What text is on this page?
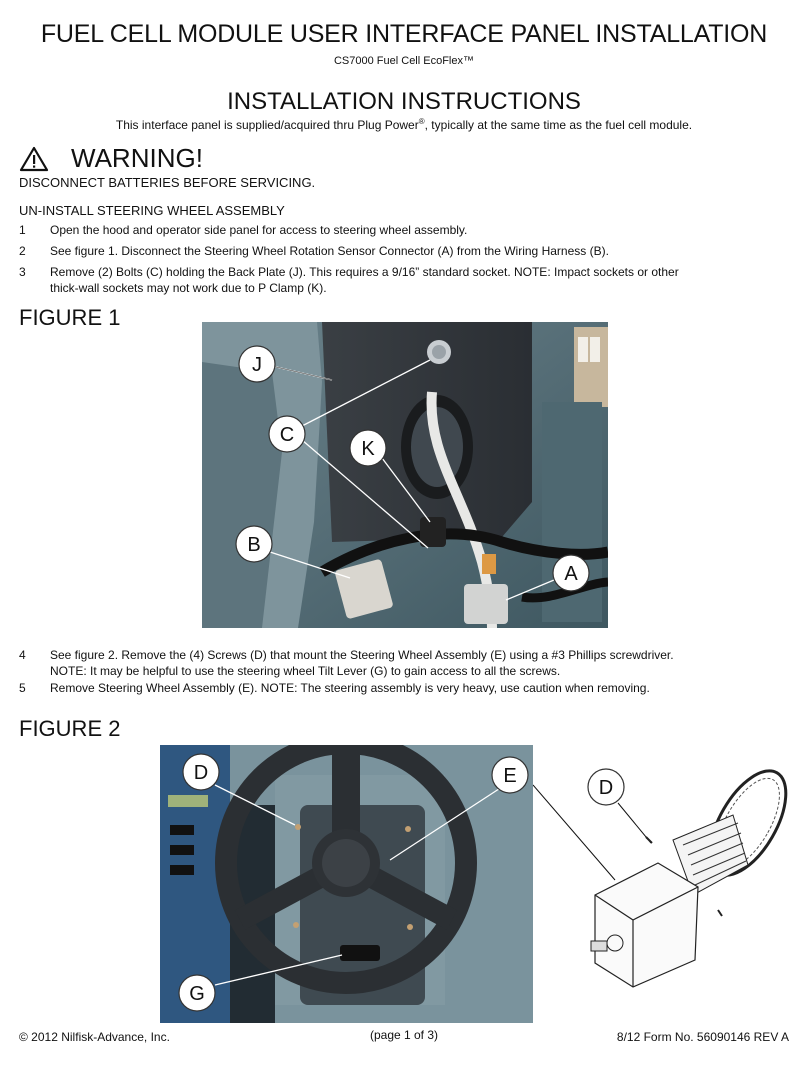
FUEL CELL MODULE USER INTERFACE PANEL INSTALLATION
CS7000 Fuel Cell EcoFlex™
INSTALLATION INSTRUCTIONS
This interface panel is supplied/acquired thru Plug Power®, typically at the same time as the fuel cell module.
WARNING!
DISCONNECT BATTERIES BEFORE SERVICING.
UN-INSTALL STEERING WHEEL ASSEMBLY
1	Open the hood and operator side panel for access to steering wheel assembly.
2	See ﬁgure 1. Disconnect the Steering Wheel Rotation Sensor Connector (A) from the Wiring Harness (B).
3	Remove (2) Bolts (C) holding the Back Plate (J). This requires a 9/16” standard socket. NOTE: Impact sockets or other thick-wall sockets may not work due to P Clamp (K).
FIGURE 1
J
C
K
B
A
4	See ﬁgure 2. Remove the (4) Screws (D) that mount the Steering Wheel Assembly (E) using a #3 Phillips screwdriver.
NOTE: It may be helpful to use the steering wheel Tilt Lever (G) to gain access to all the screws.
5	Remove Steering Wheel Assembly (E). NOTE: The steering assembly is very heavy, use caution when removing.
FIGURE 2
D	E
G
D
© 2012 Nilﬁsk-Advance, Inc.	(page 1 of 3)	8/12 Form No. 56090146 REV A
